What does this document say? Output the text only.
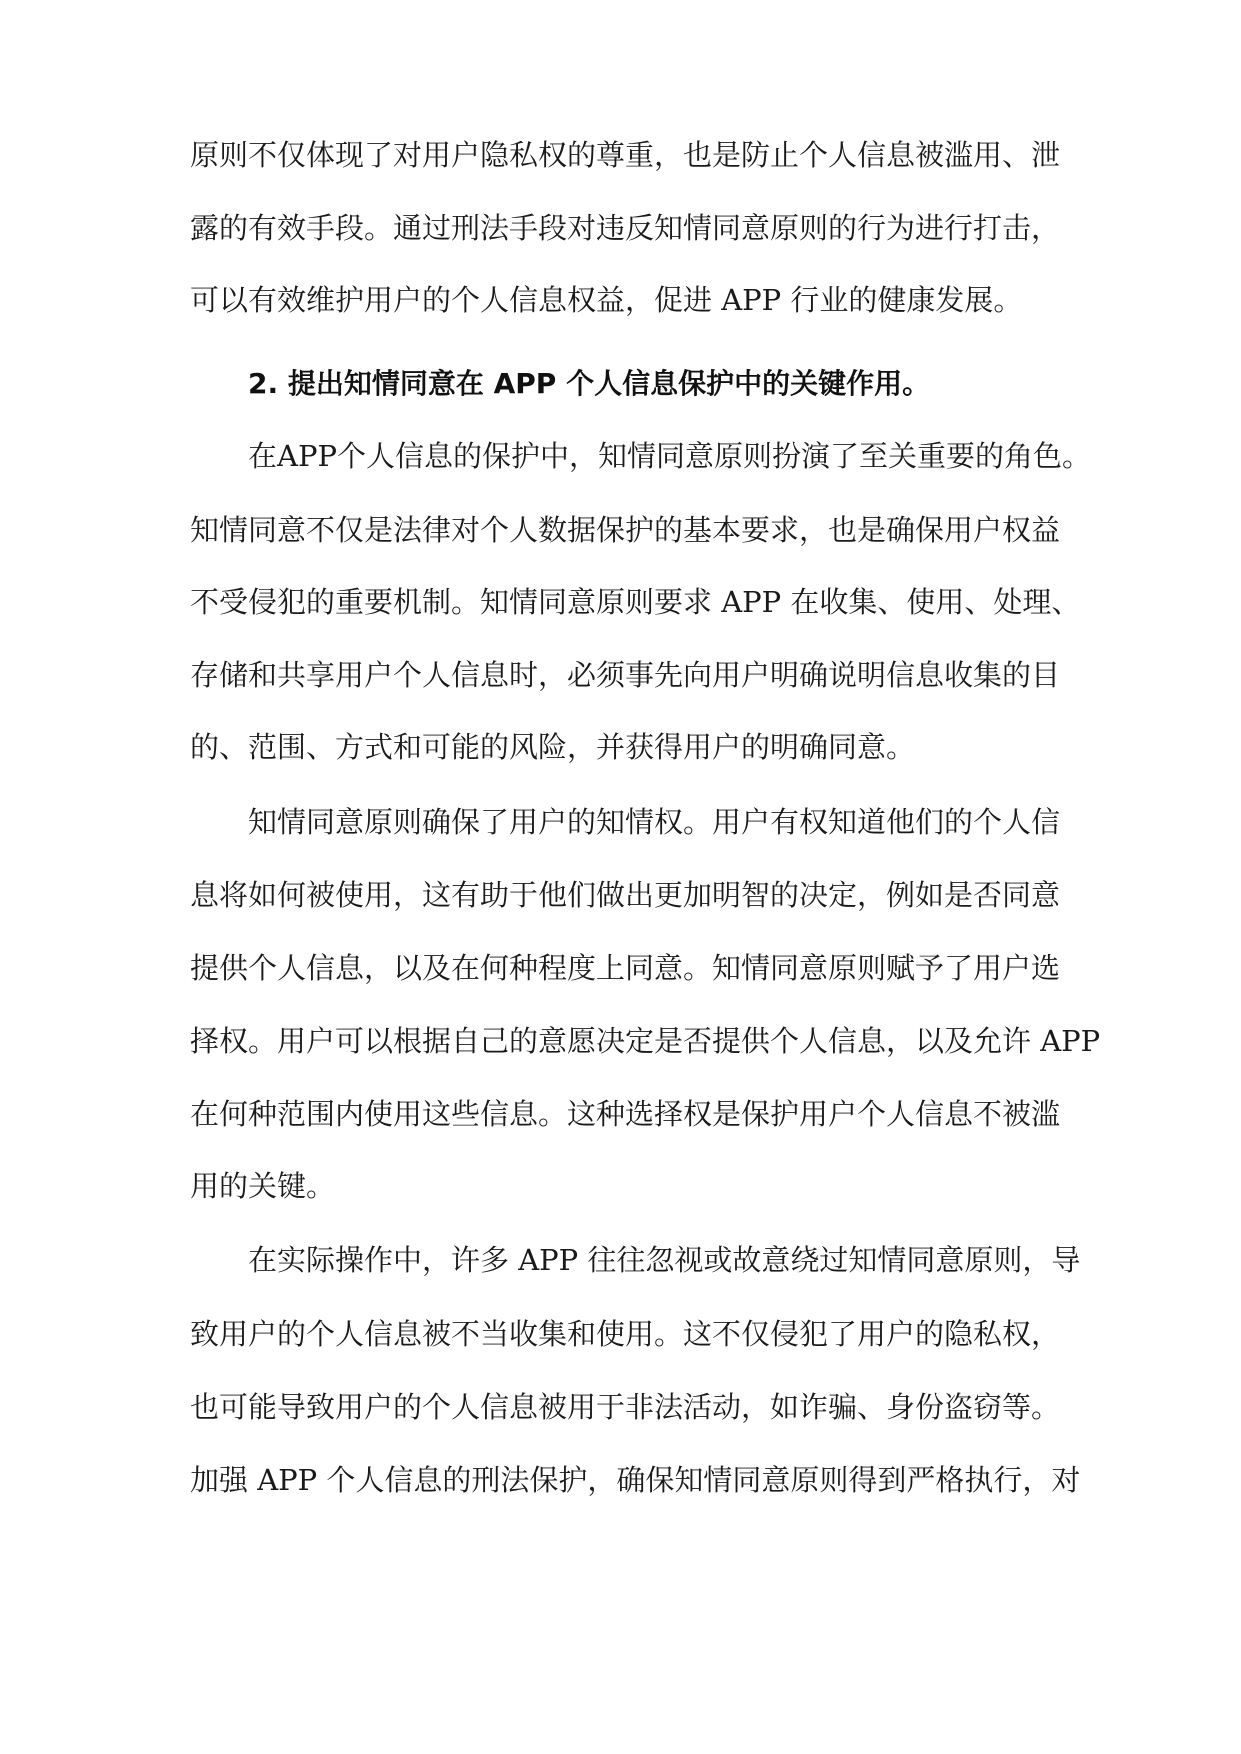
原则不仅体现了对用户隐私权的尊重，也是防止个人信息被滥用、泄
露的有效手段。通过刑法手段对违反知情同意原则的行为进行打击，
可以有效维护用户的个人信息权益，促进 APP 行业的健康发展。
2. 提出知情同意在 APP 个人信息保护中的关键作用。
在APP个人信息的保护中，知情同意原则扮演了至关重要的角色。
知情同意不仅是法律对个人数据保护的基本要求，也是确保用户权益
不受侵犯的重要机制。知情同意原则要求 APP 在收集、使用、处理、
存储和共享用户个人信息时，必须事先向用户明确说明信息收集的目
的、范围、方式和可能的风险，并获得用户的明确同意。
知情同意原则确保了用户的知情权。用户有权知道他们的个人信
息将如何被使用，这有助于他们做出更加明智的决定，例如是否同意
提供个人信息，以及在何种程度上同意。知情同意原则赋予了用户选
择权。用户可以根据自己的意愿决定是否提供个人信息，以及允许 APP
在何种范围内使用这些信息。这种选择权是保护用户个人信息不被滥
用的关键。
在实际操作中，许多 APP 往往忽视或故意绕过知情同意原则，导
致用户的个人信息被不当收集和使用。这不仅侵犯了用户的隐私权，
也可能导致用户的个人信息被用于非法活动，如诈骗、身份盗窃等。
加强 APP 个人信息的刑法保护，确保知情同意原则得到严格执行，对
